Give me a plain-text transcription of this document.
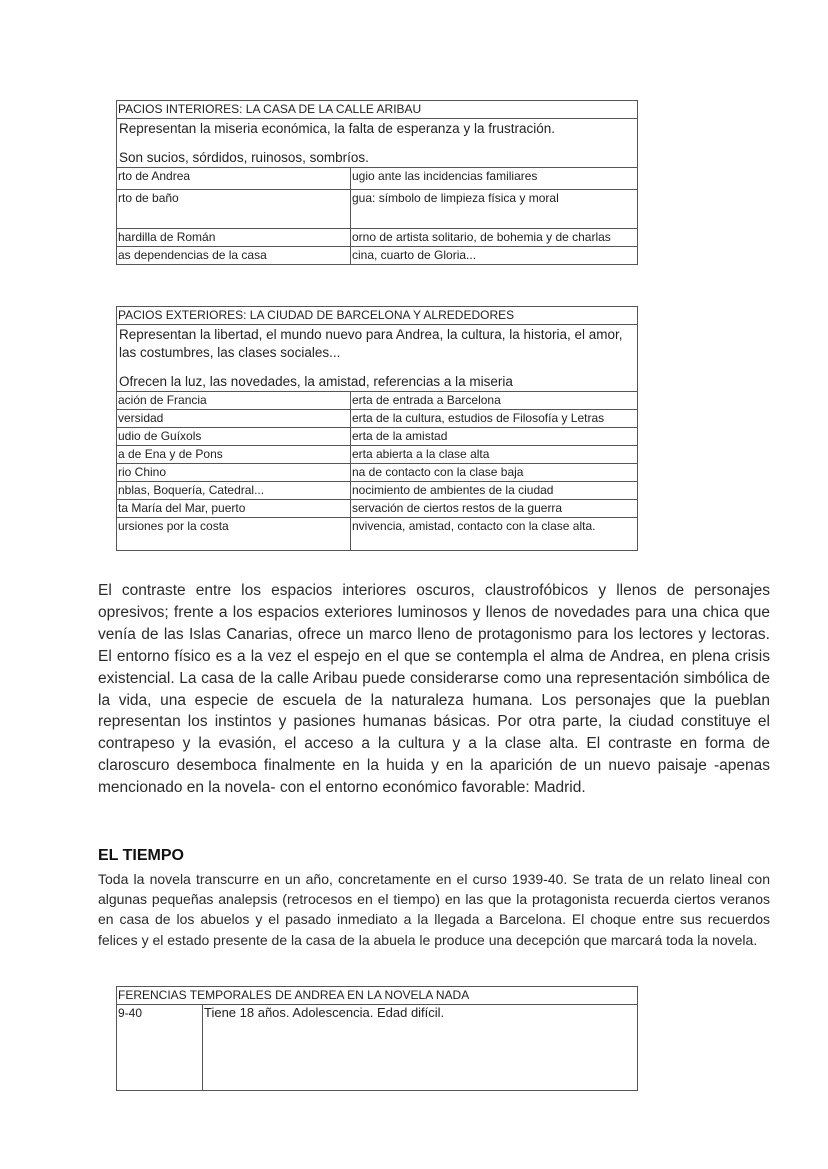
PACIOS INTERIORES: LA CASA DE LA CALLE ARIBAU

Representan la miseria económica, la falta de esperanza y la frustración.

Son sucios, sórdidos, ruinosos, sombríos.

rto de Andrea	ugio ante las incidencias familiares
rto de baño	gua: símbolo de limpieza física y moral
hardilla de Román	orno de artista solitario, de bohemia y de charlas
as dependencias de la casa	cina, cuarto de Gloria...
PACIOS EXTERIORES: LA CIUDAD DE BARCELONA Y ALREDEDORES

Representan la libertad, el mundo nuevo para Andrea, la cultura, la historia, el amor, las costumbres, las clases sociales...

Ofrecen la luz, las novedades, la amistad, referencias a la miseria

ación de Francia	erta de entrada a Barcelona
versidad	erta de la cultura, estudios de Filosofía y Letras
udio de Guíxols	erta de la amistad
a de Ena y de Pons	erta abierta a la clase alta
rio Chino	na de contacto con la clase baja
nblas, Boquería, Catedral...	nocimiento de ambientes de la ciudad
ta María del Mar, puerto	servación de ciertos restos de la guerra
ursiones por la costa	nvivencia, amistad, contacto con la clase alta.

El contraste entre los espacios interiores oscuros, claustrofóbicos y llenos de personajes opresivos; frente a los espacios exteriores luminosos y llenos de novedades para una chica que venía de las Islas Canarias, ofrece un marco lleno de protagonismo para los lectores y lectoras. El entorno físico es a la vez el espejo en el que se contempla el alma de Andrea, en plena crisis existencial. La casa de la calle Aribau puede considerarse como una representación simbólica de la vida, una especie de escuela de la naturaleza humana. Los personajes que la pueblan representan los instintos y pasiones humanas básicas. Por otra parte, la ciudad constituye el contrapeso y la evasión, el acceso a la cultura y a la clase alta. El contraste en forma de claroscuro desemboca finalmente en la huida y en la aparición de un nuevo paisaje -apenas mencionado en la novela- con el entorno económico favorable: Madrid.

EL TIEMPO

Toda la novela transcurre en un año, concretamente en el curso 1939-40. Se trata de un relato lineal con algunas pequeñas analepsis (retrocesos en el tiempo) en las que la protagonista recuerda ciertos veranos en casa de los abuelos y el pasado inmediato a la llegada a Barcelona. El choque entre sus recuerdos felices y el estado presente de la casa de la abuela le produce una decepción que marcará toda la novela.

FERENCIAS TEMPORALES DE ANDREA EN LA NOVELA NADA
9-40	Tiene 18 años. Adolescencia. Edad difícil.
